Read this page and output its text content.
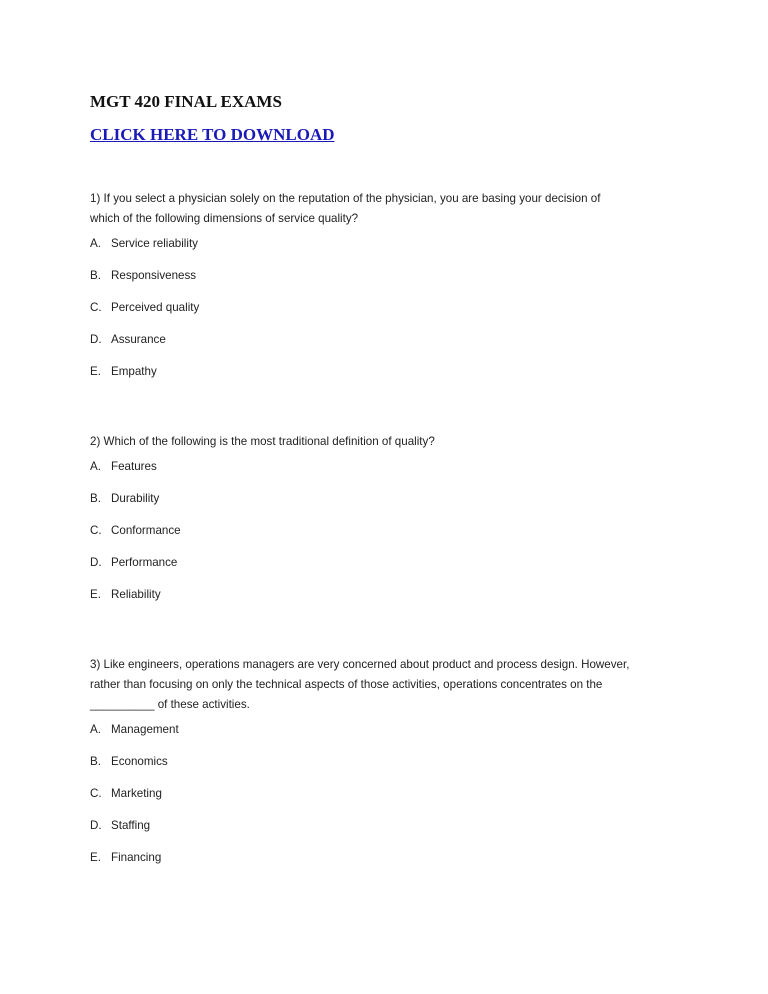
MGT 420 FINAL EXAMS
CLICK HERE TO DOWNLOAD
1) If you select a physician solely on the reputation of the physician, you are basing your decision of
which of the following dimensions of service quality?
A. Service reliability
B. Responsiveness
C. Perceived quality
D. Assurance
E. Empathy
2) Which of the following is the most traditional definition of quality?
A. Features
B. Durability
C. Conformance
D. Performance
E. Reliability
3) Like engineers, operations managers are very concerned about product and process design. However,
rather than focusing on only the technical aspects of those activities, operations concentrates on the
__________ of these activities.
A. Management
B. Economics
C. Marketing
D. Staffing
E. Financing
